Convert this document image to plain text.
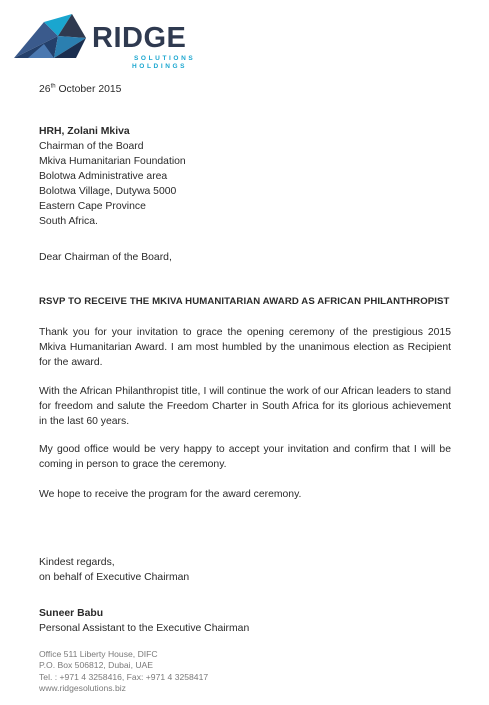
RIDGE
SOLUTIONS
HOLDINGS
26th October 2015
HRH, Zolani Mkiva
Chairman of the Board
Mkiva Humanitarian Foundation
Bolotwa Administrative area
Bolotwa Village, Dutywa 5000
Eastern Cape Province
South Africa.
Dear Chairman of the Board,
RSVP TO RECEIVE THE MKIVA HUMANITARIAN AWARD AS AFRICAN PHILANTHROPIST
Thank you for your invitation to grace the opening ceremony of the prestigious 2015 Mkiva Humanitarian Award. I am most humbled by the unanimous election as Recipient for the award.
With the African Philanthropist title, I will continue the work of our African leaders to stand for freedom and salute the Freedom Charter in South Africa for its glorious achievement in the last 60 years.
My good office would be very happy to accept your invitation and confirm that I will be coming in person to grace the ceremony.
We hope to receive the program for the award ceremony.
Kindest regards,
on behalf of Executive Chairman
Suneer Babu
Personal Assistant to the Executive Chairman
Office 511 Liberty House, DIFC
P.O. Box 506812, Dubai, UAE
Tel. : +971 4 3258416, Fax: +971 4 3258417
www.ridgesolutions.biz
